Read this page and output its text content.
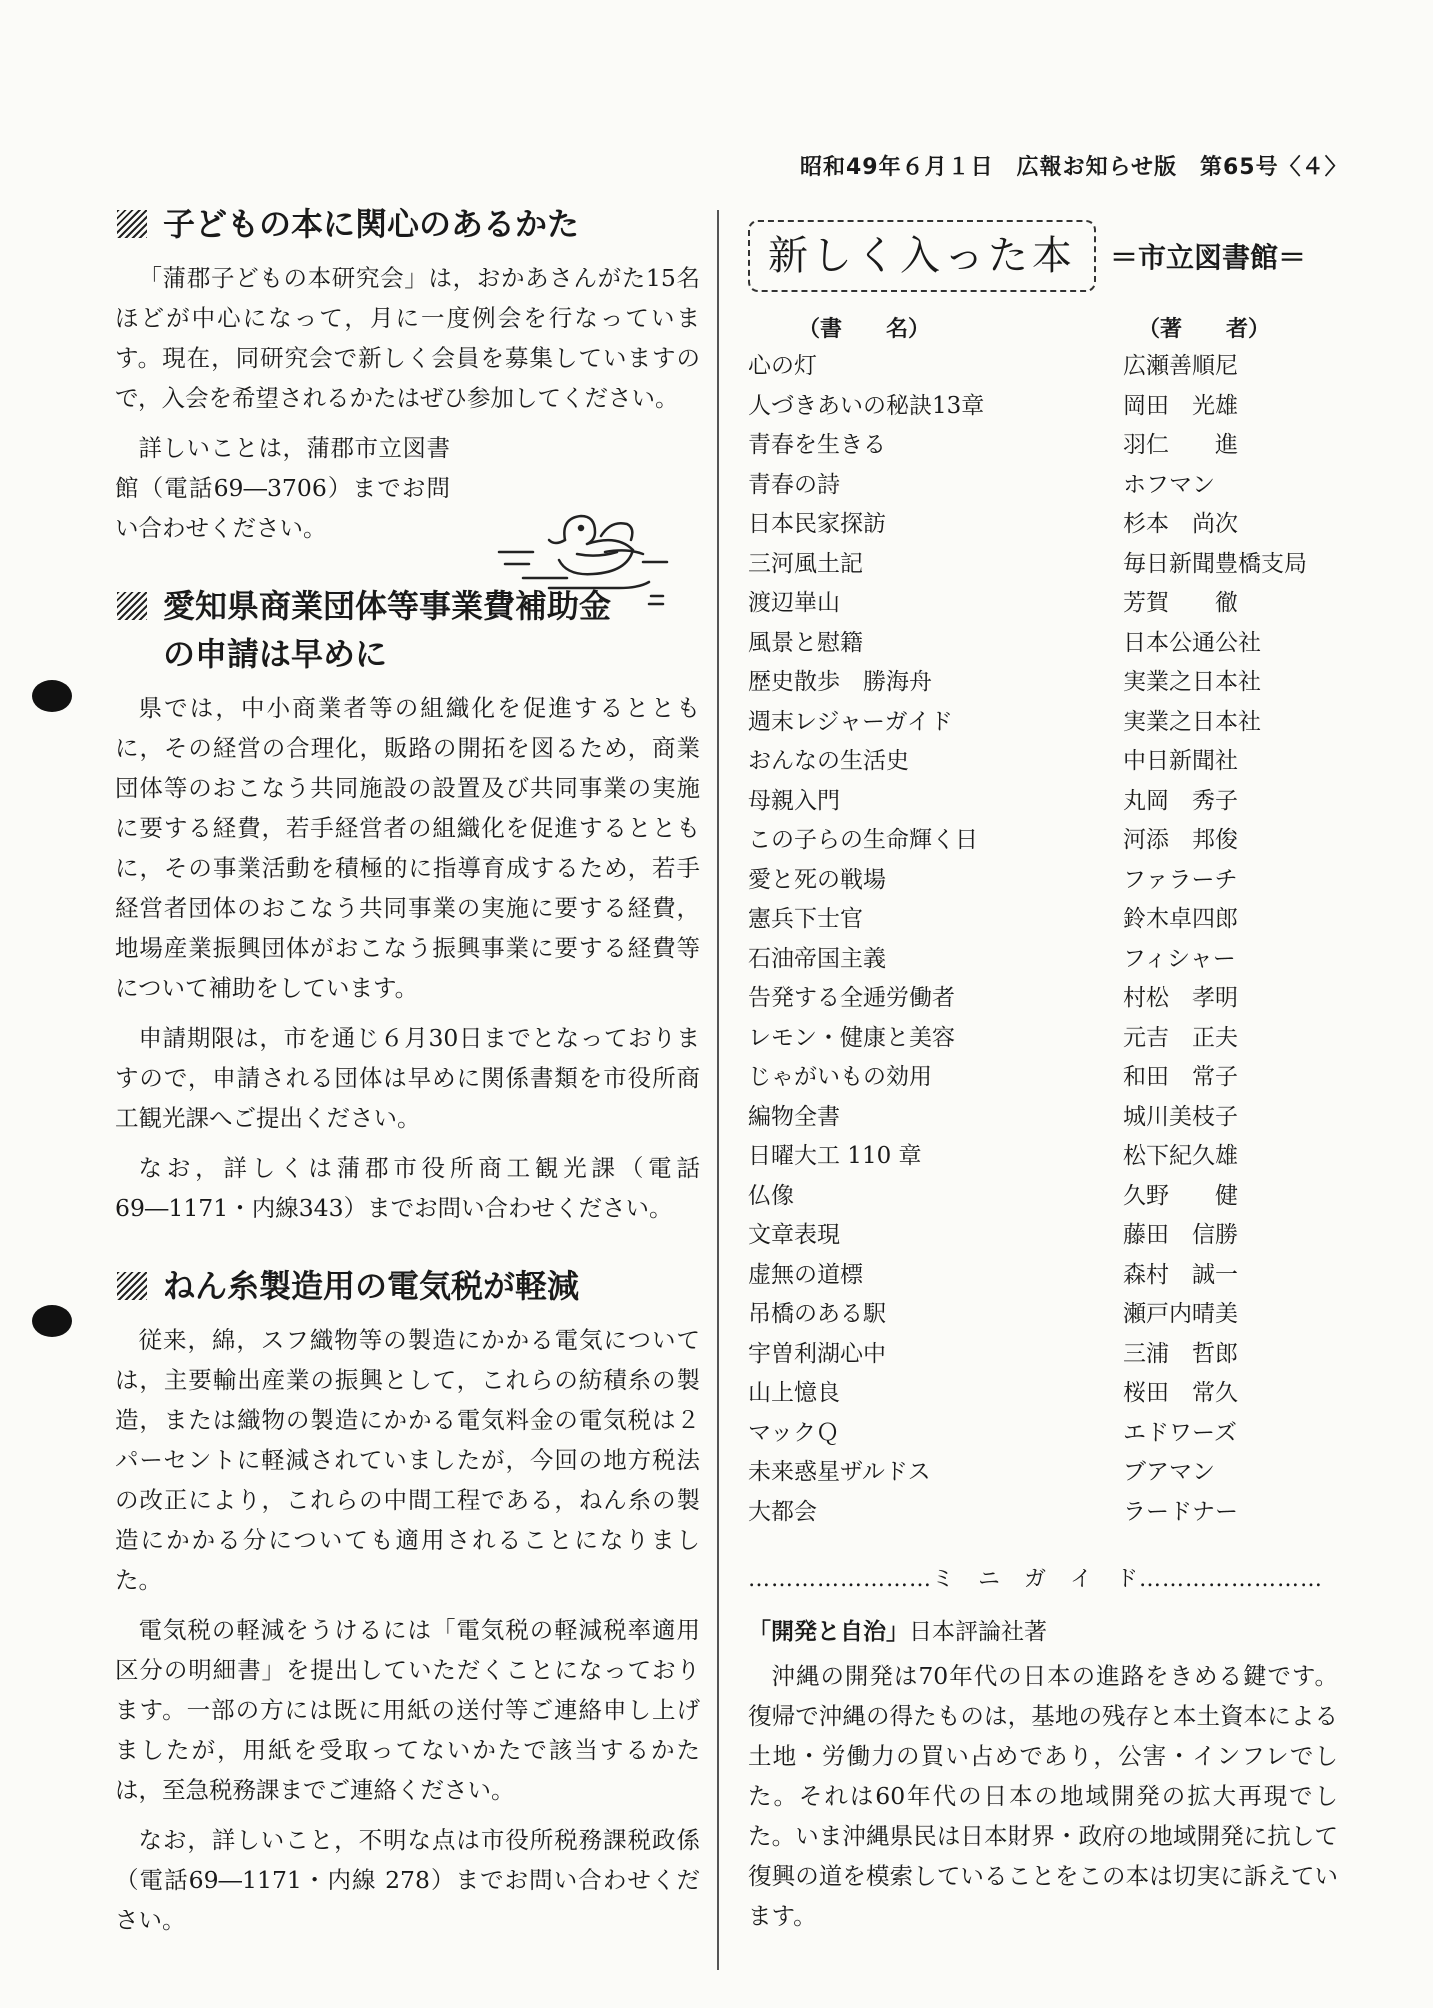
昭和49年６月１日　広報お知らせ版　第65号〈４〉
子どもの本に関心のあるかた

「蒲郡子どもの本研究会」は，おかあさんがた15名ほどが中心になって，月に一度例会を行なっています。現在，同研究会で新しく会員を募集していますので，入会を希望されるかたはぜひ参加してください。

詳しいことは，蒲郡市立図書館（電話69―3706）までお問い合わせください。

愛知県商業団体等事業費補助金
の申請は早めに

県では，中小商業者等の組織化を促進するとともに，その経営の合理化，販路の開拓を図るため，商業団体等のおこなう共同施設の設置及び共同事業の実施に要する経費，若手経営者の組織化を促進するとともに，その事業活動を積極的に指導育成するため，若手経営者団体のおこなう共同事業の実施に要する経費，地場産業振興団体がおこなう振興事業に要する経費等について補助をしています。

申請期限は，市を通じ６月30日までとなっておりますので，申請される団体は早めに関係書類を市役所商工観光課へご提出ください。

なお，詳しくは蒲郡市役所商工観光課（電話69―1171・内線343）までお問い合わせください。

ねん糸製造用の電気税が軽減

従来，綿，スフ織物等の製造にかかる電気については，主要輸出産業の振興として，これらの紡積糸の製造，または織物の製造にかかる電気料金の電気税は２パーセントに軽減されていましたが，今回の地方税法の改正により，これらの中間工程である，ねん糸の製造にかかる分についても適用されることになりました。

電気税の軽減をうけるには「電気税の軽減税率適用区分の明細書」を提出していただくことになっております。一部の方には既に用紙の送付等ご連絡申し上げましたが，用紙を受取ってないかたで該当するかたは，至急税務課までご連絡ください。

なお，詳しいこと，不明な点は市役所税務課税政係（電話69―1171・内線 278）までお問い合わせください。

新しく入った本	＝市立図書館＝
（書　　名）	（著　　者）
心の灯	広瀬善順尼
人づきあいの秘訣13章	岡田　光雄
青春を生きる	羽仁　　進
青春の詩	ホフマン
日本民家探訪	杉本　尚次
三河風土記	毎日新聞豊橋支局
渡辺崋山	芳賀　　徹
風景と慰籍	日本公通公社
歴史散歩　勝海舟	実業之日本社
週末レジャーガイド	実業之日本社
おんなの生活史	中日新聞社
母親入門	丸岡　秀子
この子らの生命輝く日	河添　邦俊
愛と死の戦場	ファラーチ
憲兵下士官	鈴木卓四郎
石油帝国主義	フィシャー
告発する全逓労働者	村松　孝明
レモン・健康と美容	元吉　正夫
じゃがいもの効用	和田　常子
編物全書	城川美枝子
日曜大工 110 章	松下紀久雄
仏像	久野　　健
文章表現	藤田　信勝
虚無の道標	森村　誠一
吊橋のある駅	瀬戸内晴美
宇曽利湖心中	三浦　哲郎
山上憶良	桜田　常久
マックＱ	エドワーズ
未来惑星ザルドス	ブアマン
大都会	ラードナー
……………………ミ　ニ　ガ　イ　ド……………………
「開発と自治」日本評論社著

沖縄の開発は70年代の日本の進路をきめる鍵です。復帰で沖縄の得たものは，基地の残存と本土資本による土地・労働力の買い占めであり，公害・インフレでした。それは60年代の日本の地域開発の拡大再現でした。いま沖縄県民は日本財界・政府の地域開発に抗して復興の道を模索していることをこの本は切実に訴えています。
